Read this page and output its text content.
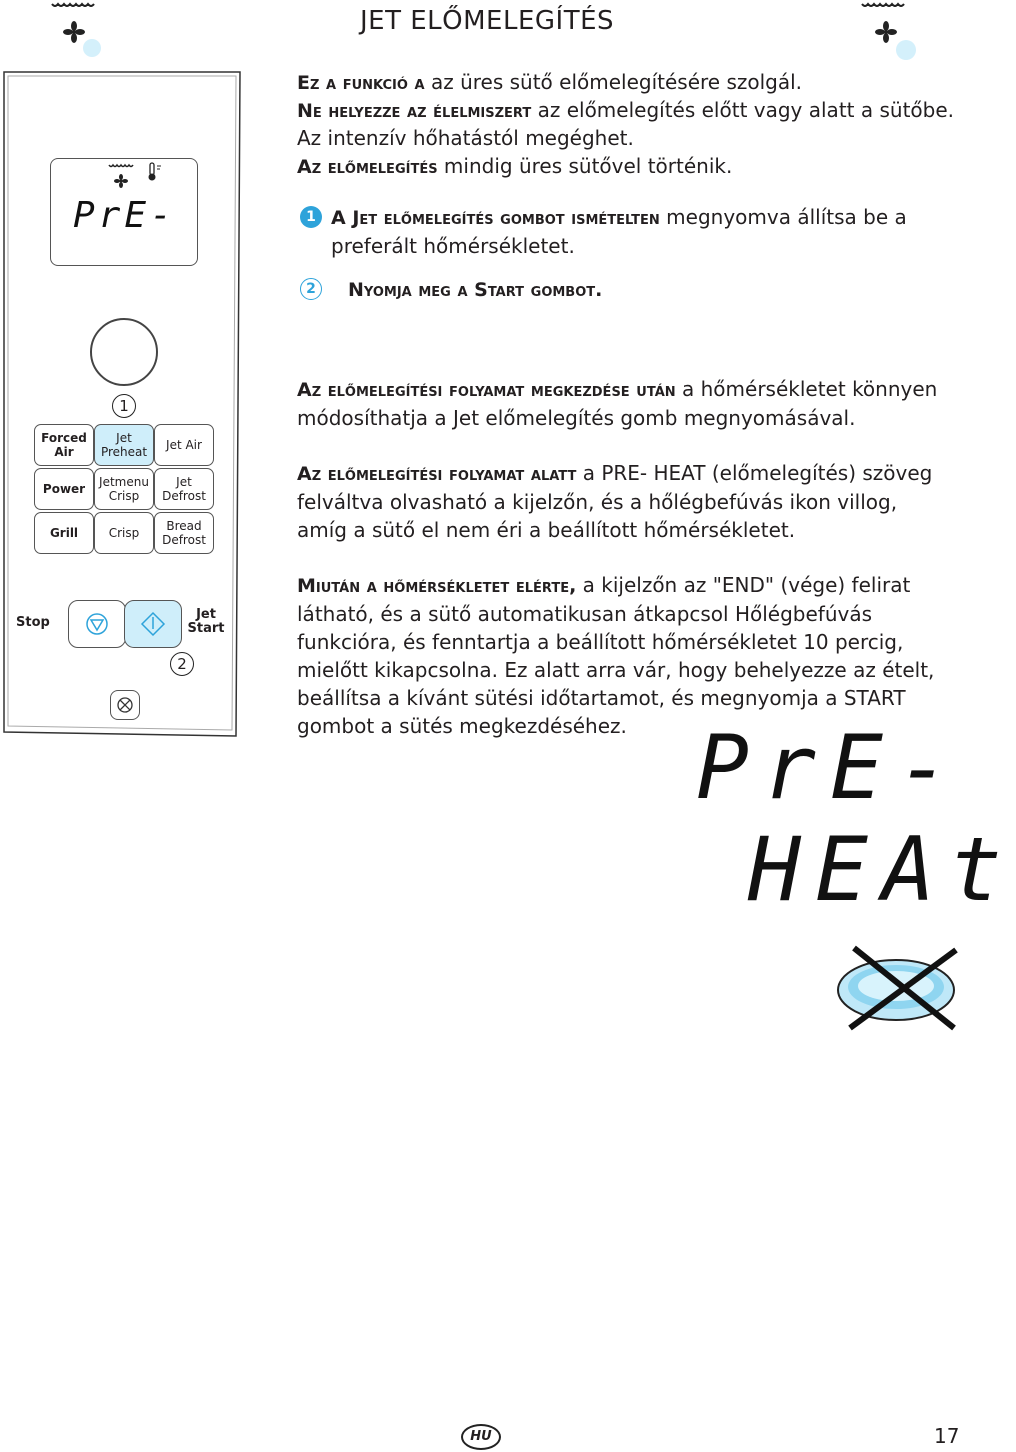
JET ELŐMELEGÍTÉS
PrE-
1
Forced Air
Jet Preheat	Jet Air
Power	Jetmenu Crisp
Jet Defrost
Grill	Crisp	Bread Defrost
Stop
Jet Start
2
Ez a funkció a az üres sütő előmelegítésére szolgál.
Ne helyezze az élelmiszert az előmelegítés előtt vagy alatt a sütőbe.
Az intenzív hőhatástól megéghet.
Az előmelegítés mindig üres sütővel történik.
1 A Jet előmelegítés gombot ismételten megnyomva állítsa be a preferált hőmérsékletet.
2	Nyomja meg a Start gombot.
Az előmelegítési folyamat megkezdése után a hőmérsékletet könnyen módosíthatja a Jet előmelegítés gomb megnyomásával.
Az előmelegítési folyamat alatt a PRE- HEAT (előmelegítés) szöveg felváltva olvasható a kijelzőn, és a hőlégbefúvás ikon villog, amíg a sütő el nem éri a beállított hőmérsékletet.
Miután a hőmérsékletet elérte, a kijelzőn az "END" (vége) felirat látható, és a sütő automatikusan átkapcsol Hőlégbefúvás funkcióra, és fenntartja a beállított hőmérsékletet 10 percig, mielőtt kikapcsolna. Ez alatt arra vár, hogy behelyezze az ételt, beállítsa a kívánt sütési időtartamot, és megnyomja a START gombot a sütés megkezdéséhez. PrE-
HEAt
HU	17
